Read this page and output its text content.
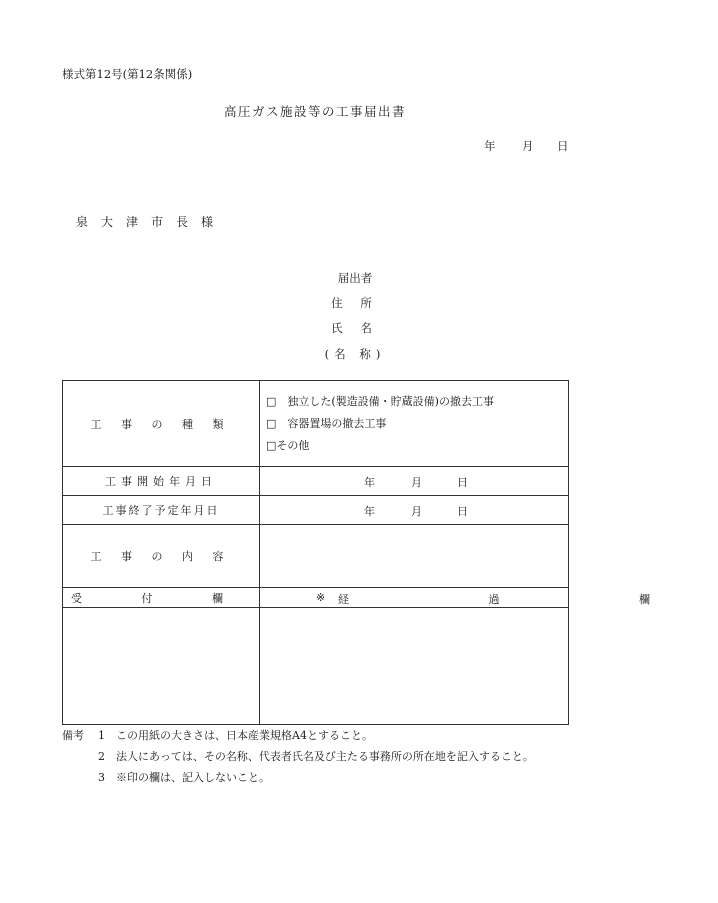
様式第12号(第12条関係)
高圧ガス施設等の工事届出書
年 月 日
泉大津市長様
届出者
住 所
氏 名
(名 称)
工 事 の 種 類	□　独立した(製造設備・貯蔵設備)の撤去工事
□　容器置場の撤去工事
□その他

工事開始年月日	年 月 日

工事終了予定年月日	年 月 日

工 事 の 内 容	
受 付 欄	※ 経 過 欄

備考 1 この用紙の大きさは、日本産業規格A4とすること。
2 法人にあっては、その名称、代表者氏名及び主たる事務所の所在地を記入すること。
3 ※印の欄は、記入しないこと。
